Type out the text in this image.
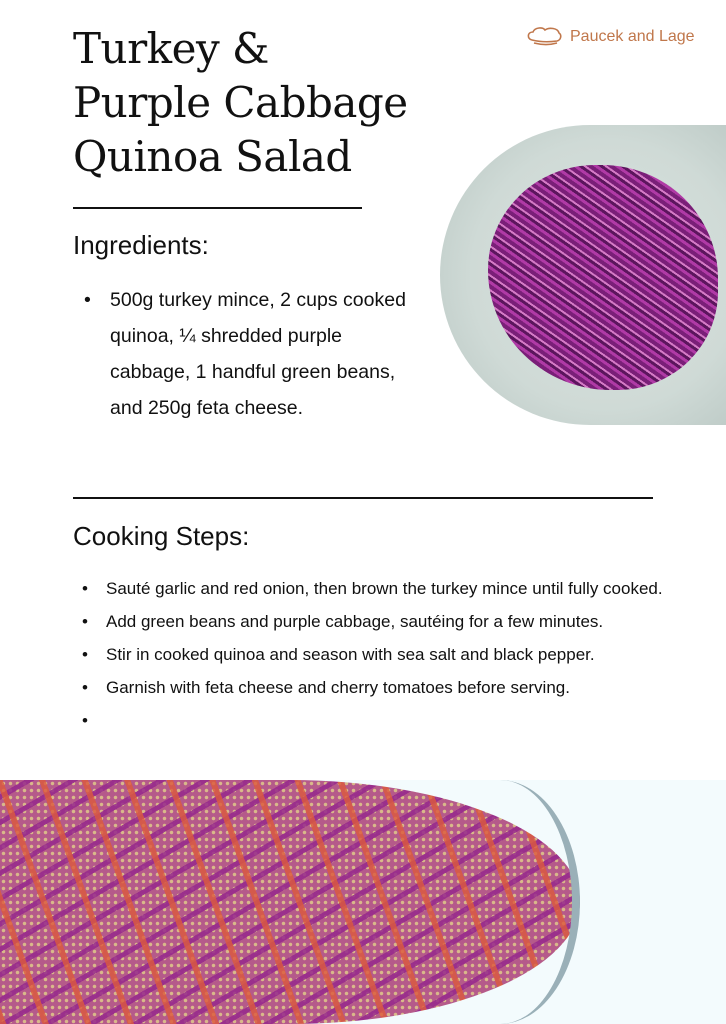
Turkey &
Purple Cabbage
Quinoa Salad
Paucek and Lage
Ingredients:
• 500g turkey mince, 2 cups cooked quinoa, ¼ shredded purple cabbage, 1 handful green beans, and 250g feta cheese.
Cooking Steps:
• Sauté garlic and red onion, then brown the turkey mince until fully cooked.
• Add green beans and purple cabbage, sautéing for a few minutes.
• Stir in cooked quinoa and season with sea salt and black pepper.
• Garnish with feta cheese and cherry tomatoes before serving.
•
